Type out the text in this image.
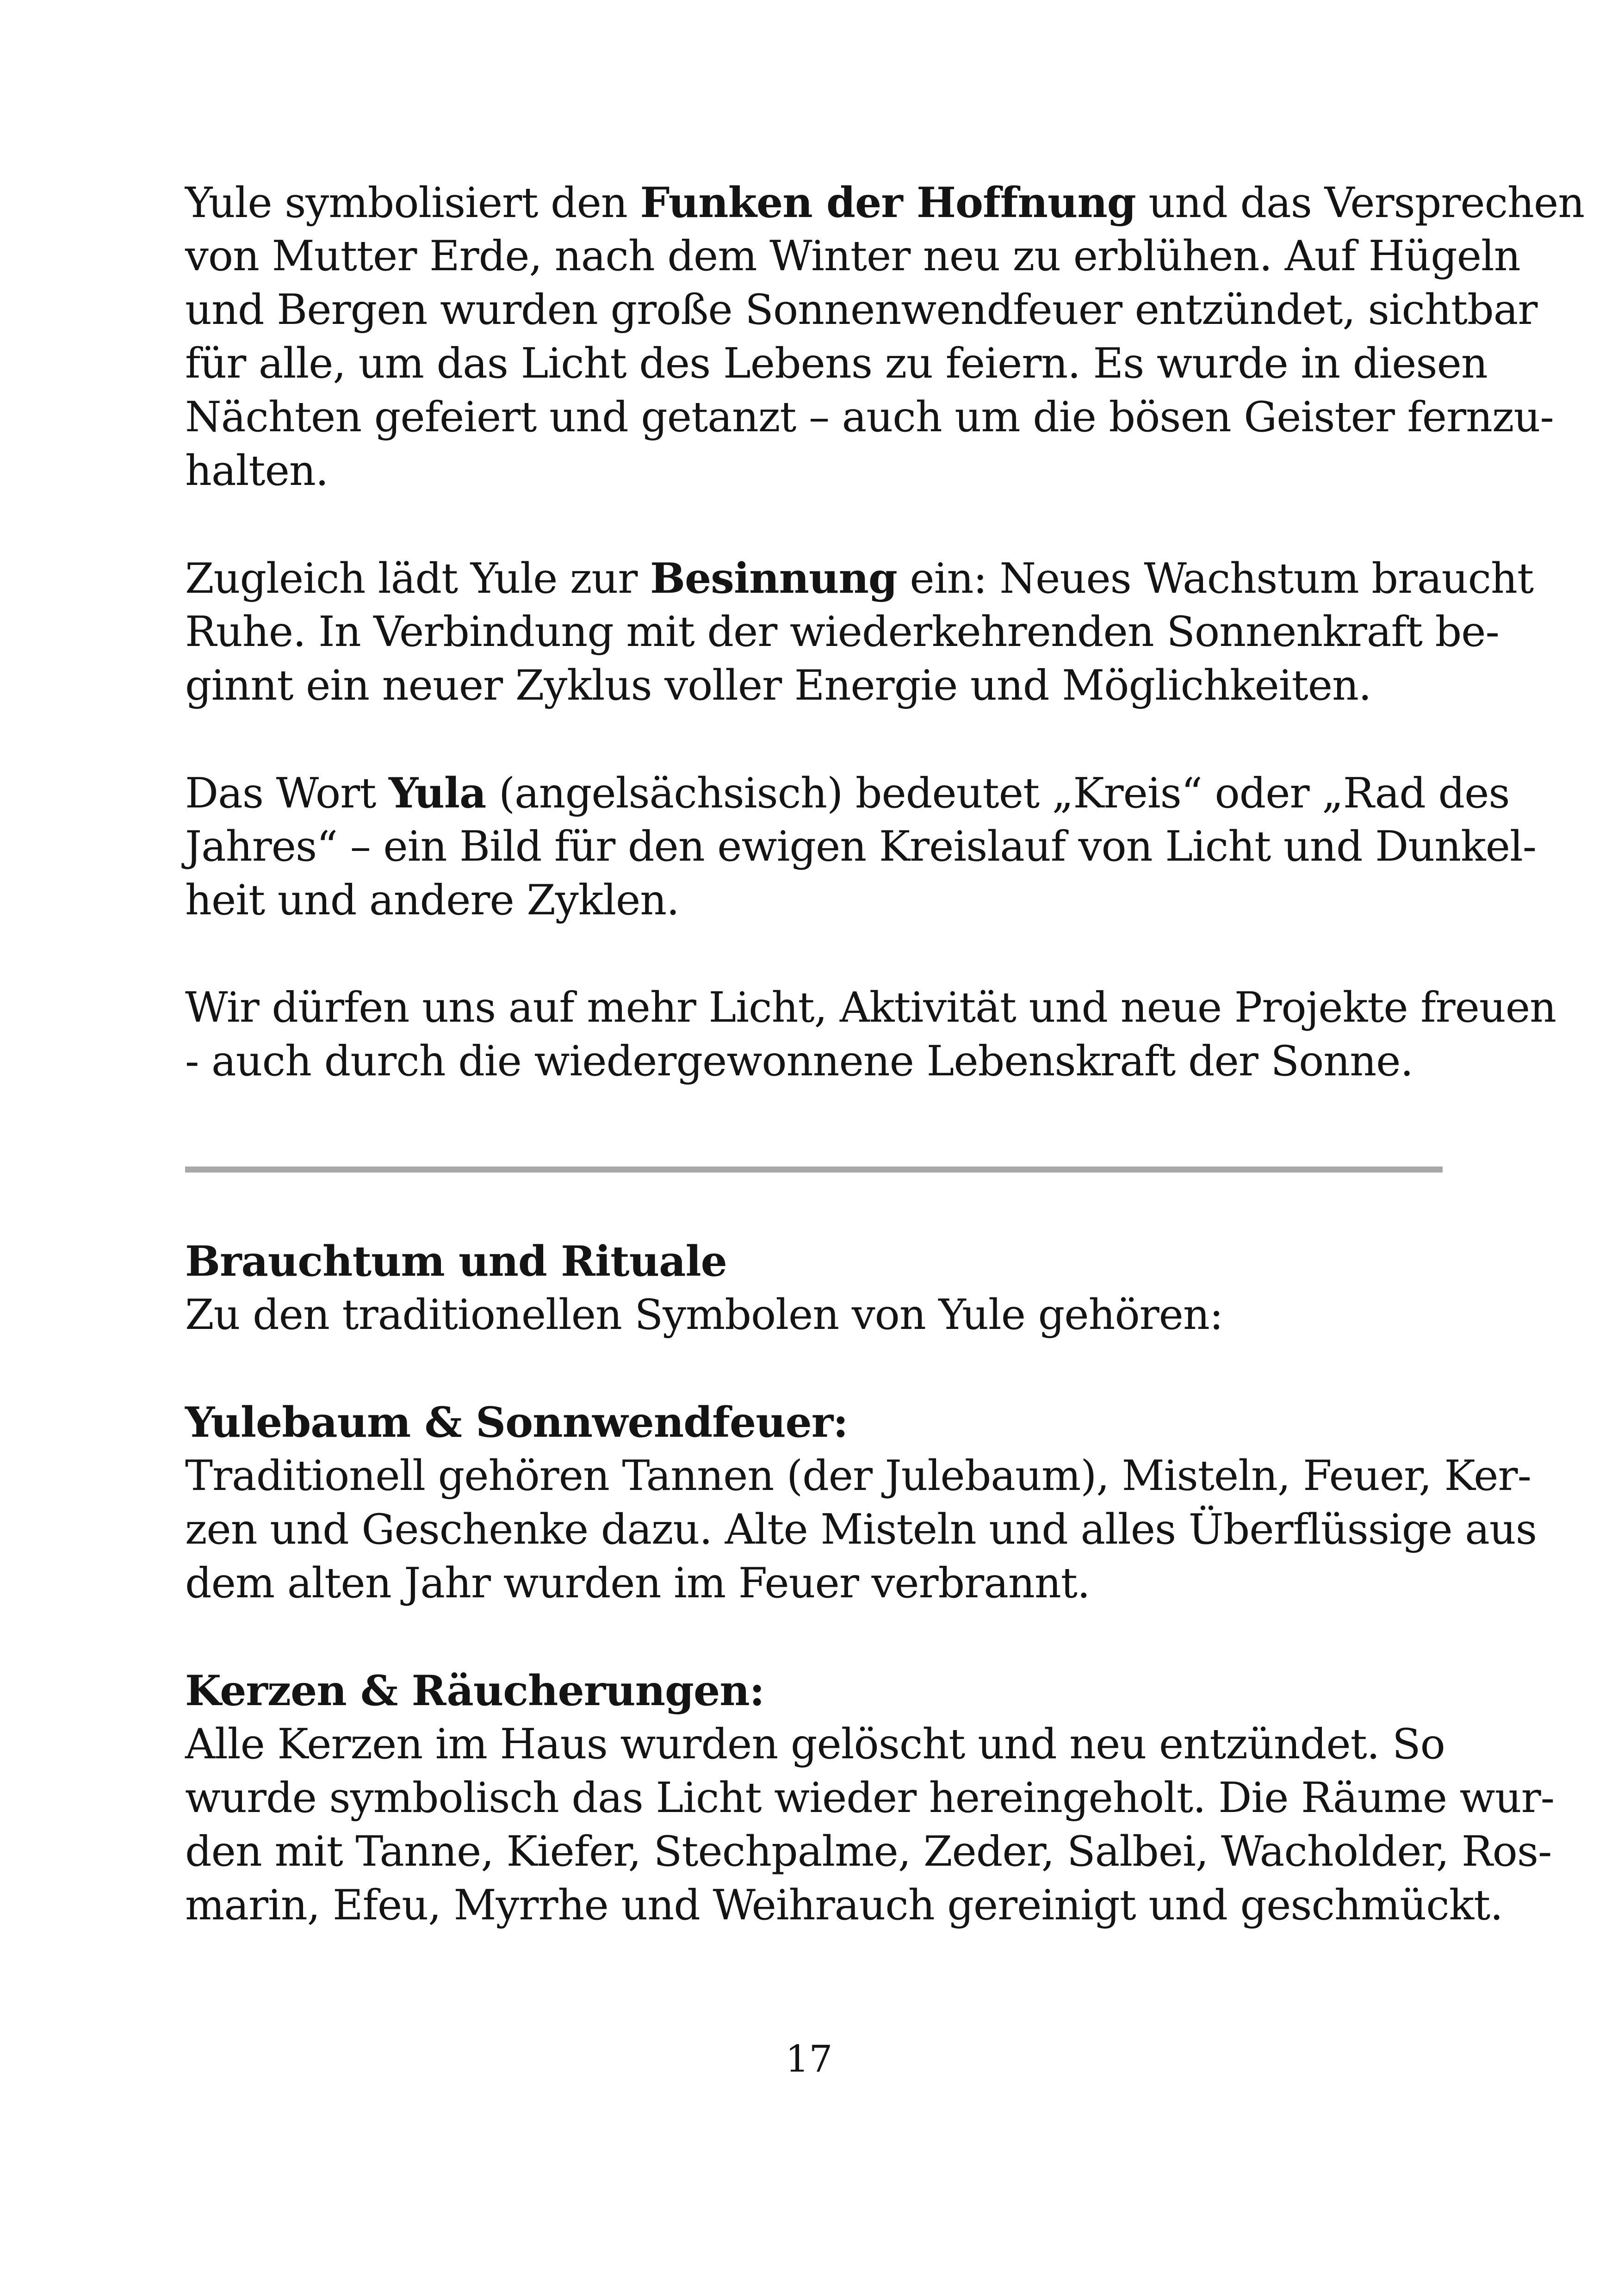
Yule symbolisiert den Funken der Hoffnung und das Versprechen
von Mutter Erde, nach dem Winter neu zu erblühen. Auf Hügeln
und Bergen wurden große Sonnenwendfeuer entzündet, sichtbar
für alle, um das Licht des Lebens zu feiern. Es wurde in diesen
Nächten gefeiert und getanzt – auch um die bösen Geister fernzu-
halten.
Zugleich lädt Yule zur Besinnung ein: Neues Wachstum braucht
Ruhe. In Verbindung mit der wiederkehrenden Sonnenkraft be-
ginnt ein neuer Zyklus voller Energie und Möglichkeiten.
Das Wort Yula (angelsächsisch) bedeutet „Kreis“ oder „Rad des
Jahres“ – ein Bild für den ewigen Kreislauf von Licht und Dunkel-
heit und andere Zyklen.
Wir dürfen uns auf mehr Licht, Aktivität und neue Projekte freuen
- auch durch die wiedergewonnene Lebenskraft der Sonne.
Brauchtum und Rituale
Zu den traditionellen Symbolen von Yule gehören:
Yulebaum & Sonnwendfeuer:
Traditionell gehören Tannen (der Julebaum), Misteln, Feuer, Ker-
zen und Geschenke dazu. Alte Misteln und alles Überflüssige aus
dem alten Jahr wurden im Feuer verbrannt.
Kerzen & Räucherungen:
Alle Kerzen im Haus wurden gelöscht und neu entzündet. So
wurde symbolisch das Licht wieder hereingeholt. Die Räume wur-
den mit Tanne, Kiefer, Stechpalme, Zeder, Salbei, Wacholder, Ros-
marin, Efeu, Myrrhe und Weihrauch gereinigt und geschmückt.
17
